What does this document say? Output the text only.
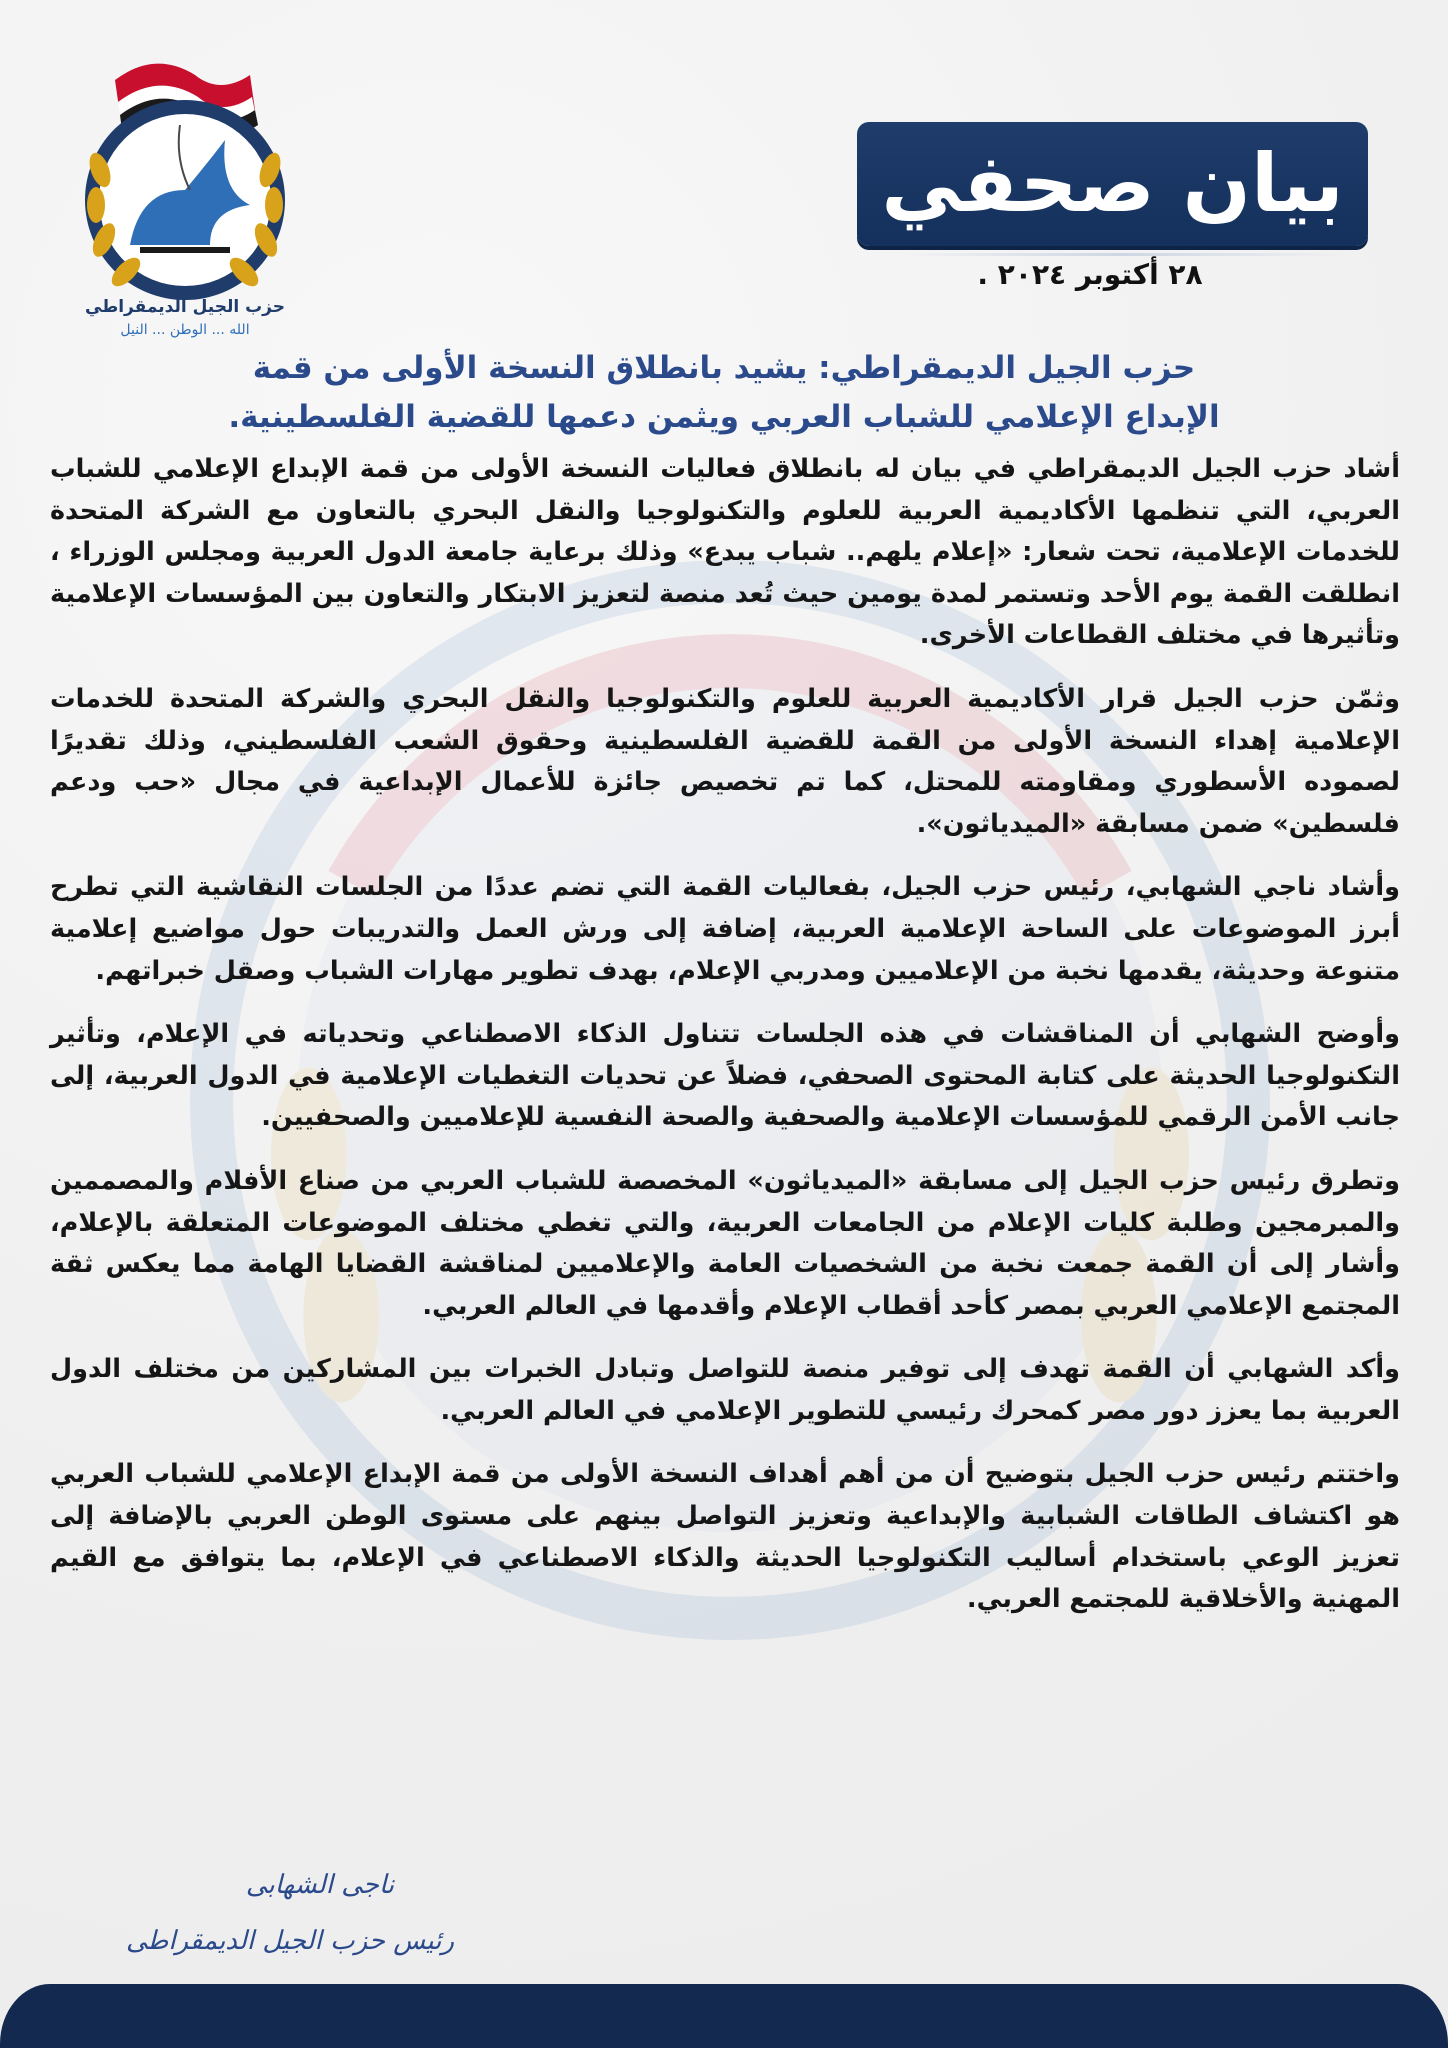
حزب الجيل الديمقراطي
الله ... الوطن ... النيل
بيان صحفي
٢٨ أكتوبر ٢٠٢٤ .
حزب الجيل الديمقراطي: يشيد بانطلاق النسخة الأولى من قمة
الإبداع الإعلامي للشباب العربي ويثمن دعمها للقضية الفلسطينية.

أشاد حزب الجيل الديمقراطي في بيان له بانطلاق فعاليات النسخة الأولى من قمة الإبداع الإعلامي للشباب العربي، التي تنظمها الأكاديمية العربية للعلوم والتكنولوجيا والنقل البحري بالتعاون مع الشركة المتحدة للخدمات الإعلامية، تحت شعار: «إعلام يلهم.. شباب يبدع» وذلك برعاية جامعة الدول العربية ومجلس الوزراء ، انطلقت القمة يوم الأحد وتستمر لمدة يومين حيث تُعد منصة لتعزيز الابتكار والتعاون بين المؤسسات الإعلامية وتأثيرها في مختلف القطاعات الأخرى.

وثمّن حزب الجيل قرار الأكاديمية العربية للعلوم والتكنولوجيا والنقل البحري والشركة المتحدة للخدمات الإعلامية إهداء النسخة الأولى من القمة للقضية الفلسطينية وحقوق الشعب الفلسطيني، وذلك تقديرًا لصموده الأسطوري ومقاومته للمحتل، كما تم تخصيص جائزة للأعمال الإبداعية في مجال «حب ودعم فلسطين» ضمن مسابقة «الميدياثون».

وأشاد ناجي الشهابي، رئيس حزب الجيل، بفعاليات القمة التي تضم عددًا من الجلسات النقاشية التي تطرح أبرز الموضوعات على الساحة الإعلامية العربية، إضافة إلى ورش العمل والتدريبات حول مواضيع إعلامية متنوعة وحديثة، يقدمها نخبة من الإعلاميين ومدربي الإعلام، بهدف تطوير مهارات الشباب وصقل خبراتهم.

وأوضح الشهابي أن المناقشات في هذه الجلسات تتناول الذكاء الاصطناعي وتحدياته في الإعلام، وتأثير التكنولوجيا الحديثة على كتابة المحتوى الصحفي، فضلاً عن تحديات التغطيات الإعلامية في الدول العربية، إلى جانب الأمن الرقمي للمؤسسات الإعلامية والصحفية والصحة النفسية للإعلاميين والصحفيين.

وتطرق رئيس حزب الجيل إلى مسابقة «الميدياثون» المخصصة للشباب العربي من صناع الأفلام والمصممين والمبرمجين وطلبة كليات الإعلام من الجامعات العربية، والتي تغطي مختلف الموضوعات المتعلقة بالإعلام، وأشار إلى أن القمة جمعت نخبة من الشخصيات العامة والإعلاميين لمناقشة القضايا الهامة مما يعكس ثقة المجتمع الإعلامي العربي بمصر كأحد أقطاب الإعلام وأقدمها في العالم العربي.

وأكد الشهابي أن القمة تهدف إلى توفير منصة للتواصل وتبادل الخبرات بين المشاركين من مختلف الدول العربية بما يعزز دور مصر كمحرك رئيسي للتطوير الإعلامي في العالم العربي.

واختتم رئيس حزب الجيل بتوضيح أن من أهم أهداف النسخة الأولى من قمة الإبداع الإعلامي للشباب العربي هو اكتشاف الطاقات الشبابية والإبداعية وتعزيز التواصل بينهم على مستوى الوطن العربي بالإضافة إلى تعزيز الوعي باستخدام أساليب التكنولوجيا الحديثة والذكاء الاصطناعي في الإعلام، بما يتوافق مع القيم المهنية والأخلاقية للمجتمع العربي.

ناجى الشهابى
رئيس حزب الجيل الديمقراطى
